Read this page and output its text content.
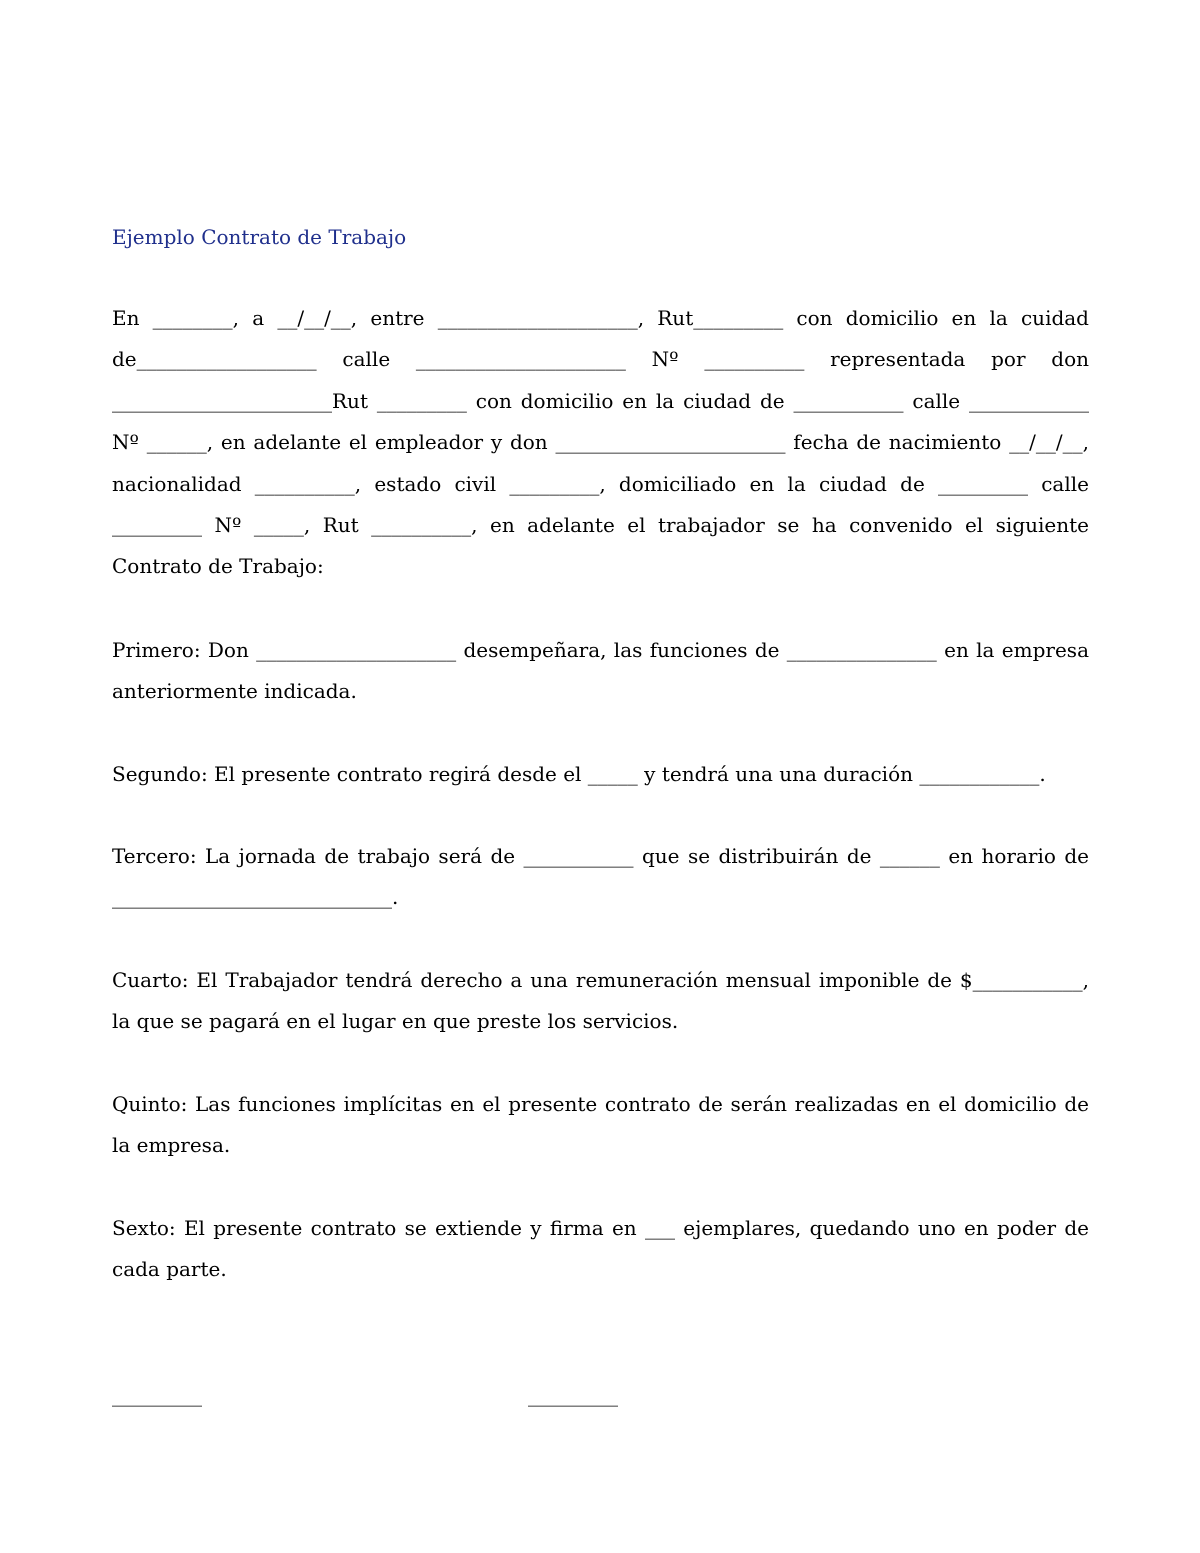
Ejemplo Contrato de Trabajo

En ________, a __/__/__, entre ____________________, Rut_________ con domicilio en la cuidad de__________________ calle _____________________ Nº __________ representada por don ______________________Rut _________ con domicilio en la ciudad de ___________ calle ____________ Nº ______, en adelante el empleador y don _______________________ fecha de nacimiento __/__/__, nacionalidad __________, estado civil _________, domiciliado en la ciudad de _________ calle _________ Nº _____, Rut __________, en adelante el trabajador se ha convenido el siguiente Contrato de Trabajo:

Primero: Don ____________________ desempeñara, las funciones de _______________ en la empresa anteriormente indicada.

Segundo: El presente contrato regirá desde el _____ y tendrá una una duración ____________.

Tercero: La jornada de trabajo será de ___________ que se distribuirán de ______ en horario de ____________________________.

Cuarto: El Trabajador tendrá derecho a una remuneración mensual imponible de $___________, la que se pagará en el lugar en que preste los servicios.

Quinto: Las funciones implícitas en el presente contrato de serán realizadas en el domicilio de la empresa.

Sexto: El presente contrato se extiende y firma en ___ ejemplares, quedando uno en poder de cada parte.

_________	_________
